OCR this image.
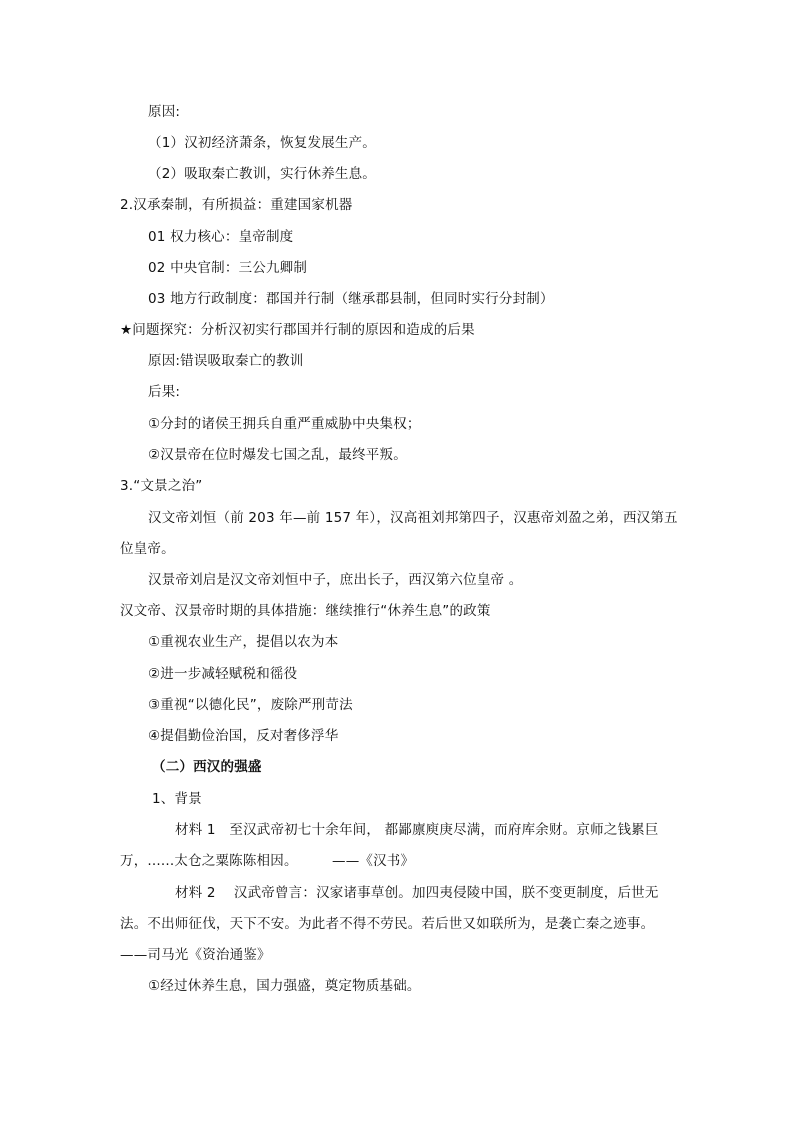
原因:
（1）汉初经济萧条，恢复发展生产。
（2）吸取秦亡教训，实行休养生息。
2.汉承秦制，有所损益：重建国家机器
01 权力核心：皇帝制度
02 中央官制：三公九卿制
03 地方行政制度：郡国并行制（继承郡县制，但同时实行分封制）
★问题探究：分析汉初实行郡国并行制的原因和造成的后果
原因:错误吸取秦亡的教训
后果:
①分封的诸侯王拥兵自重严重威胁中央集权；
②汉景帝在位时爆发七国之乱，最终平叛。
3.“文景之治”
汉文帝刘恒（前 203 年—前 157 年），汉高祖刘邦第四子，汉惠帝刘盈之弟，西汉第五
位皇帝。
汉景帝刘启是汉文帝刘恒中子，庶出长子，西汉第六位皇帝 。
汉文帝、汉景帝时期的具体措施：继续推行“休养生息”的政策
①重视农业生产，提倡以农为本
②进一步减轻赋税和徭役
③重视“以德化民”，废除严刑苛法
④提倡勤俭治国，反对奢侈浮华
（二）西汉的强盛
1、背景
材料 1　至汉武帝初七十余年间， 都鄙廪庾庚尽满，而府库余财。京师之钱累巨
万，......太仓之粟陈陈相因。　　　——《汉书》
材料 2　 汉武帝曾言：汉家诸事草创。加四夷侵陵中国，朕不变更制度，后世无
法。不出师征伐，天下不安。为此者不得不劳民。若后世又如联所为，是袭亡秦之迹事。
——司马光《资治通鉴》
①经过休养生息，国力强盛，奠定物质基础。
